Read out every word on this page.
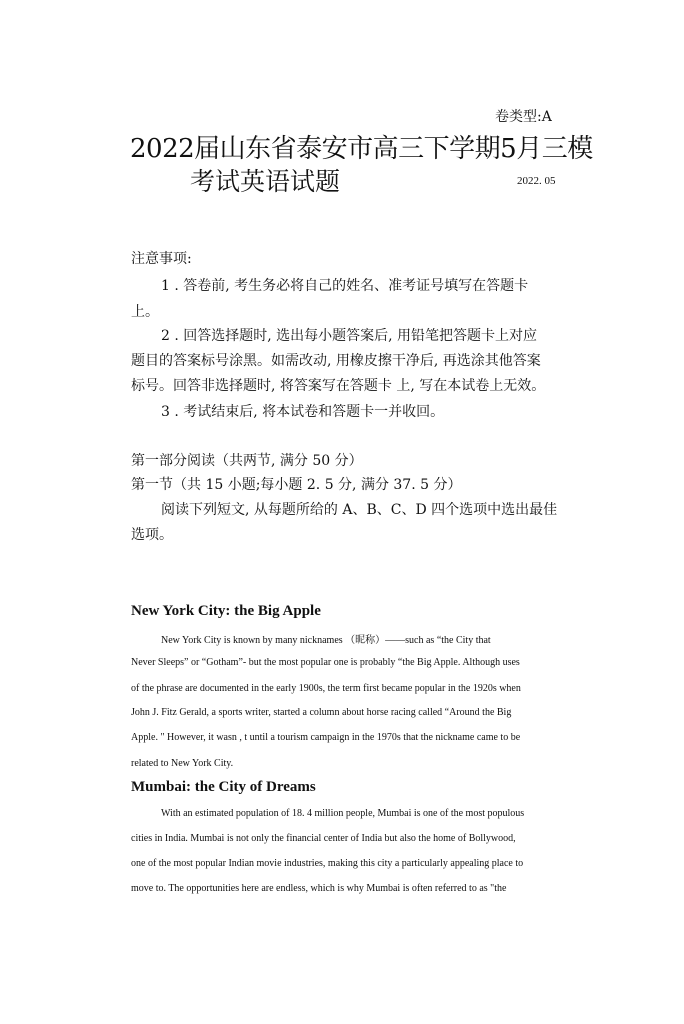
卷类型:A
2022届山东省泰安市高三下学期5月三模
考试英语试题	2022. 05
注意事项:
1 . 答卷前, 考生务必将自己的姓名、准考证号填写在答题卡
上。
2 . 回答选择题时, 选出每小题答案后, 用铅笔把答题卡上对应
题目的答案标号涂黑。如需改动, 用橡皮擦干净后, 再选涂其他答案
标号。回答非选择题时, 将答案写在答题卡 上, 写在本试卷上无效。
3 . 考试结束后, 将本试卷和答题卡一并收回。
第一部分阅读（共两节, 满分 50 分）
第一节（共 15 小题;每小题 2. 5 分, 满分 37. 5 分）
阅读下列短文, 从每题所给的 A、B、C、D 四个选项中选出最佳
选项。
New York City: the Big Apple
New York City is known by many nicknames （昵称）——such as “the City that
Never Sleeps” or “Gotham”- but the most popular one is probably “the Big Apple. Although uses
of the phrase are documented in the early 1900s, the term first became popular in the 1920s when
John J. Fitz Gerald, a sports writer, started a column about horse racing called “Around the Big
Apple. " However, it wasn , t until a tourism campaign in the 1970s that the nickname came to be
related to New York City.
Mumbai: the City of Dreams
With an estimated population of 18. 4 million people, Mumbai is one of the most populous
cities in India. Mumbai is not only the financial center of India but also the home of Bollywood,
one of the most popular Indian movie industries, making this city a particularly appealing place to
move to. The opportunities here are endless, which is why Mumbai is often referred to as "the
